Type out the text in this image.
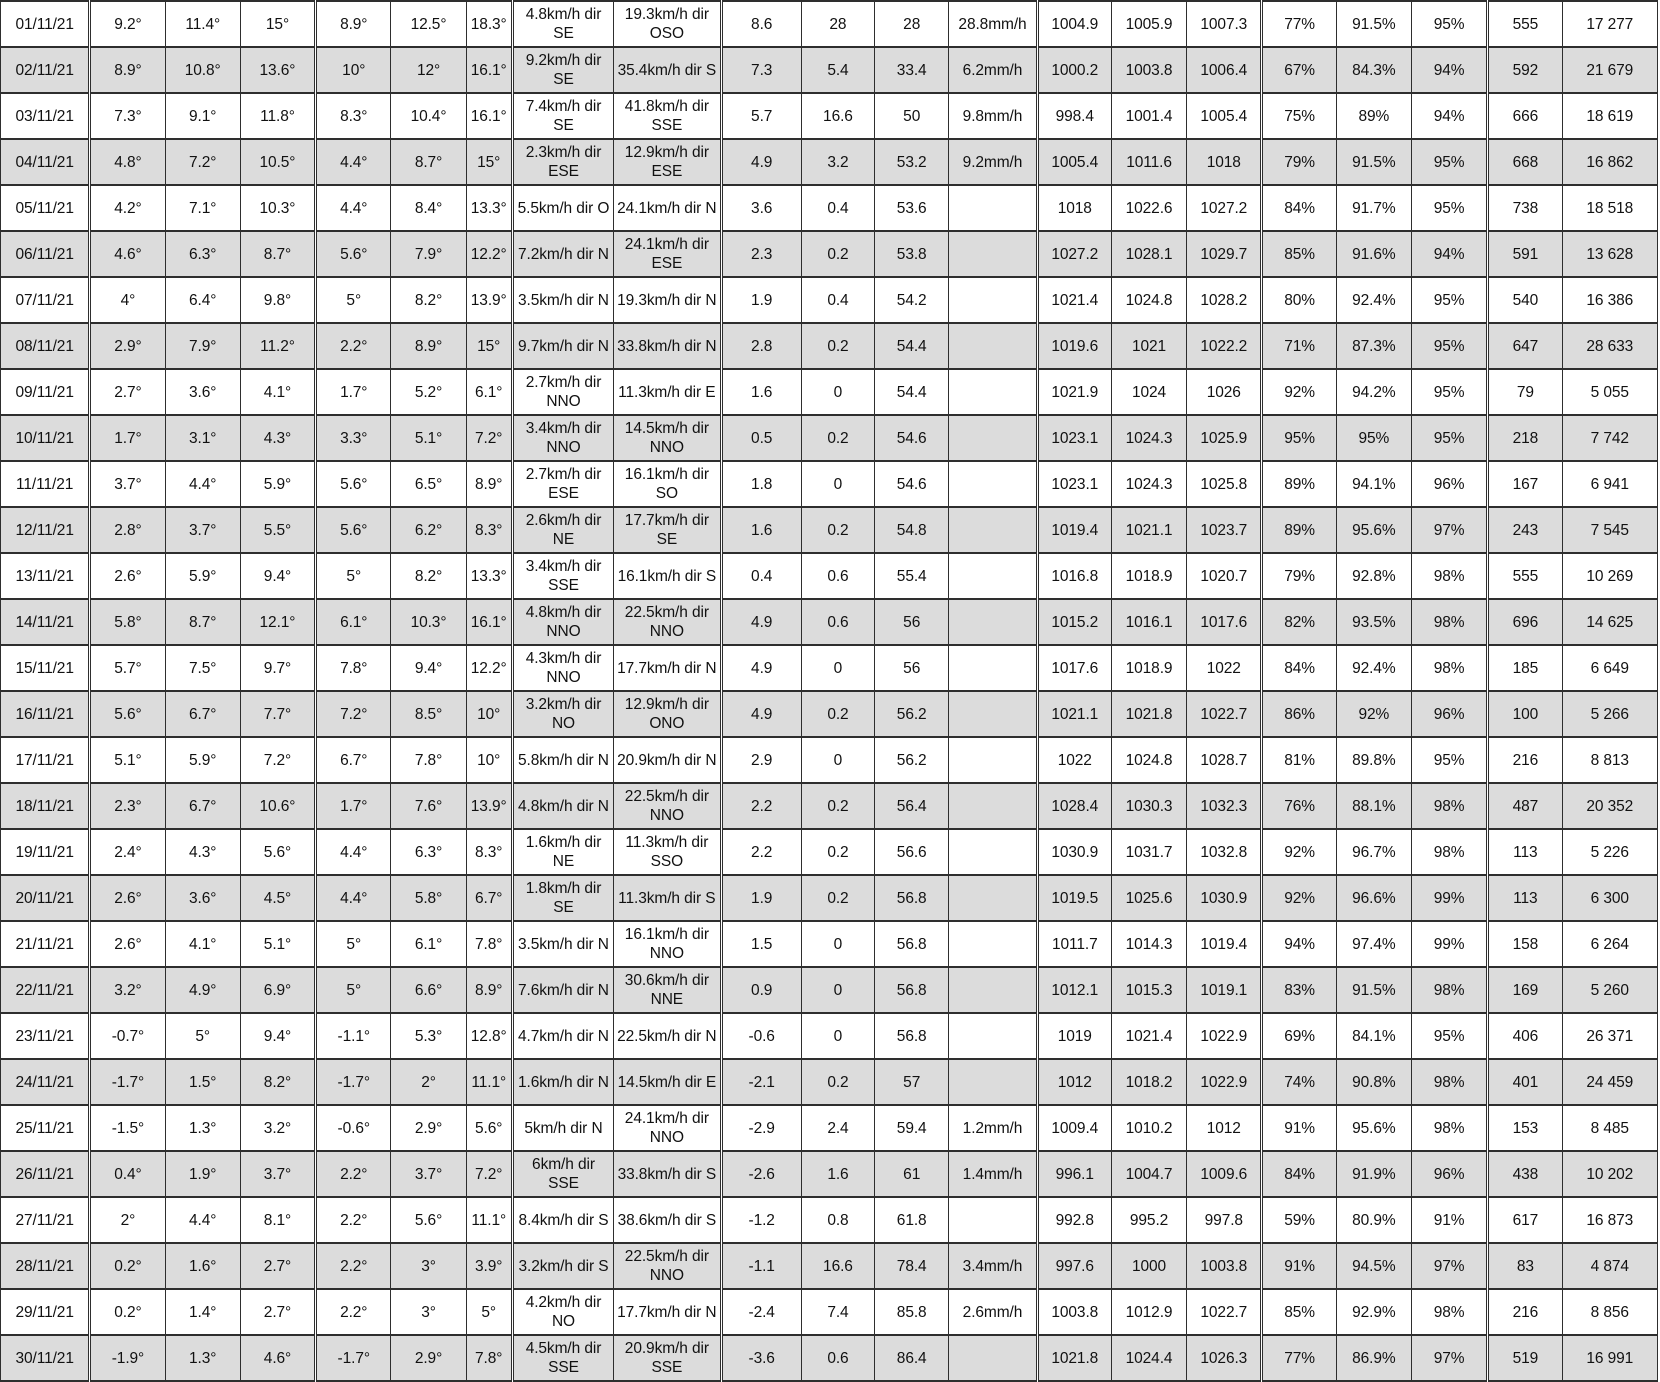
01/11/21	9.2°	11.4°	15°	8.9°	12.5°	18.3°	4.8km/h dir SE	19.3km/h dir OSO	8.6	28	28	28.8mm/h	1004.9	1005.9	1007.3	77%	91.5%	95%	555	17 277
02/11/21	8.9°	10.8°	13.6°	10°	12°	16.1°	9.2km/h dir SE	35.4km/h dir S	7.3	5.4	33.4	6.2mm/h	1000.2	1003.8	1006.4	67%	84.3%	94%	592	21 679
03/11/21	7.3°	9.1°	11.8°	8.3°	10.4°	16.1°	7.4km/h dir SE	41.8km/h dir SSE	5.7	16.6	50	9.8mm/h	998.4	1001.4	1005.4	75%	89%	94%	666	18 619
04/11/21	4.8°	7.2°	10.5°	4.4°	8.7°	15°	2.3km/h dir ESE	12.9km/h dir ESE	4.9	3.2	53.2	9.2mm/h	1005.4	1011.6	1018	79%	91.5%	95%	668	16 862
05/11/21	4.2°	7.1°	10.3°	4.4°	8.4°	13.3°	5.5km/h dir O	24.1km/h dir N	3.6	0.4	53.6		1018	1022.6	1027.2	84%	91.7%	95%	738	18 518
06/11/21	4.6°	6.3°	8.7°	5.6°	7.9°	12.2°	7.2km/h dir N	24.1km/h dir ESE	2.3	0.2	53.8		1027.2	1028.1	1029.7	85%	91.6%	94%	591	13 628
07/11/21	4°	6.4°	9.8°	5°	8.2°	13.9°	3.5km/h dir N	19.3km/h dir N	1.9	0.4	54.2		1021.4	1024.8	1028.2	80%	92.4%	95%	540	16 386
08/11/21	2.9°	7.9°	11.2°	2.2°	8.9°	15°	9.7km/h dir N	33.8km/h dir N	2.8	0.2	54.4		1019.6	1021	1022.2	71%	87.3%	95%	647	28 633
09/11/21	2.7°	3.6°	4.1°	1.7°	5.2°	6.1°	2.7km/h dir NNO	11.3km/h dir E	1.6	0	54.4		1021.9	1024	1026	92%	94.2%	95%	79	5 055
10/11/21	1.7°	3.1°	4.3°	3.3°	5.1°	7.2°	3.4km/h dir NNO	14.5km/h dir NNO	0.5	0.2	54.6		1023.1	1024.3	1025.9	95%	95%	95%	218	7 742
11/11/21	3.7°	4.4°	5.9°	5.6°	6.5°	8.9°	2.7km/h dir ESE	16.1km/h dir SO	1.8	0	54.6		1023.1	1024.3	1025.8	89%	94.1%	96%	167	6 941
12/11/21	2.8°	3.7°	5.5°	5.6°	6.2°	8.3°	2.6km/h dir NE	17.7km/h dir SE	1.6	0.2	54.8		1019.4	1021.1	1023.7	89%	95.6%	97%	243	7 545
13/11/21	2.6°	5.9°	9.4°	5°	8.2°	13.3°	3.4km/h dir SSE	16.1km/h dir S	0.4	0.6	55.4		1016.8	1018.9	1020.7	79%	92.8%	98%	555	10 269
14/11/21	5.8°	8.7°	12.1°	6.1°	10.3°	16.1°	4.8km/h dir NNO	22.5km/h dir NNO	4.9	0.6	56		1015.2	1016.1	1017.6	82%	93.5%	98%	696	14 625
15/11/21	5.7°	7.5°	9.7°	7.8°	9.4°	12.2°	4.3km/h dir NNO	17.7km/h dir N	4.9	0	56		1017.6	1018.9	1022	84%	92.4%	98%	185	6 649
16/11/21	5.6°	6.7°	7.7°	7.2°	8.5°	10°	3.2km/h dir NO	12.9km/h dir ONO	4.9	0.2	56.2		1021.1	1021.8	1022.7	86%	92%	96%	100	5 266
17/11/21	5.1°	5.9°	7.2°	6.7°	7.8°	10°	5.8km/h dir N	20.9km/h dir N	2.9	0	56.2		1022	1024.8	1028.7	81%	89.8%	95%	216	8 813
18/11/21	2.3°	6.7°	10.6°	1.7°	7.6°	13.9°	4.8km/h dir N	22.5km/h dir NNO	2.2	0.2	56.4		1028.4	1030.3	1032.3	76%	88.1%	98%	487	20 352
19/11/21	2.4°	4.3°	5.6°	4.4°	6.3°	8.3°	1.6km/h dir NE	11.3km/h dir SSO	2.2	0.2	56.6		1030.9	1031.7	1032.8	92%	96.7%	98%	113	5 226
20/11/21	2.6°	3.6°	4.5°	4.4°	5.8°	6.7°	1.8km/h dir SE	11.3km/h dir S	1.9	0.2	56.8		1019.5	1025.6	1030.9	92%	96.6%	99%	113	6 300
21/11/21	2.6°	4.1°	5.1°	5°	6.1°	7.8°	3.5km/h dir N	16.1km/h dir NNO	1.5	0	56.8		1011.7	1014.3	1019.4	94%	97.4%	99%	158	6 264
22/11/21	3.2°	4.9°	6.9°	5°	6.6°	8.9°	7.6km/h dir N	30.6km/h dir NNE	0.9	0	56.8		1012.1	1015.3	1019.1	83%	91.5%	98%	169	5 260
23/11/21	-0.7°	5°	9.4°	-1.1°	5.3°	12.8°	4.7km/h dir N	22.5km/h dir N	-0.6	0	56.8		1019	1021.4	1022.9	69%	84.1%	95%	406	26 371
24/11/21	-1.7°	1.5°	8.2°	-1.7°	2°	11.1°	1.6km/h dir N	14.5km/h dir E	-2.1	0.2	57		1012	1018.2	1022.9	74%	90.8%	98%	401	24 459
25/11/21	-1.5°	1.3°	3.2°	-0.6°	2.9°	5.6°	5km/h dir N	24.1km/h dir NNO	-2.9	2.4	59.4	1.2mm/h	1009.4	1010.2	1012	91%	95.6%	98%	153	8 485
26/11/21	0.4°	1.9°	3.7°	2.2°	3.7°	7.2°	6km/h dir SSE	33.8km/h dir S	-2.6	1.6	61	1.4mm/h	996.1	1004.7	1009.6	84%	91.9%	96%	438	10 202
27/11/21	2°	4.4°	8.1°	2.2°	5.6°	11.1°	8.4km/h dir S	38.6km/h dir S	-1.2	0.8	61.8		992.8	995.2	997.8	59%	80.9%	91%	617	16 873
28/11/21	0.2°	1.6°	2.7°	2.2°	3°	3.9°	3.2km/h dir S	22.5km/h dir NNO	-1.1	16.6	78.4	3.4mm/h	997.6	1000	1003.8	91%	94.5%	97%	83	4 874
29/11/21	0.2°	1.4°	2.7°	2.2°	3°	5°	4.2km/h dir NO	17.7km/h dir N	-2.4	7.4	85.8	2.6mm/h	1003.8	1012.9	1022.7	85%	92.9%	98%	216	8 856
30/11/21	-1.9°	1.3°	4.6°	-1.7°	2.9°	7.8°	4.5km/h dir SSE	20.9km/h dir SSE	-3.6	0.6	86.4		1021.8	1024.4	1026.3	77%	86.9%	97%	519	16 991
